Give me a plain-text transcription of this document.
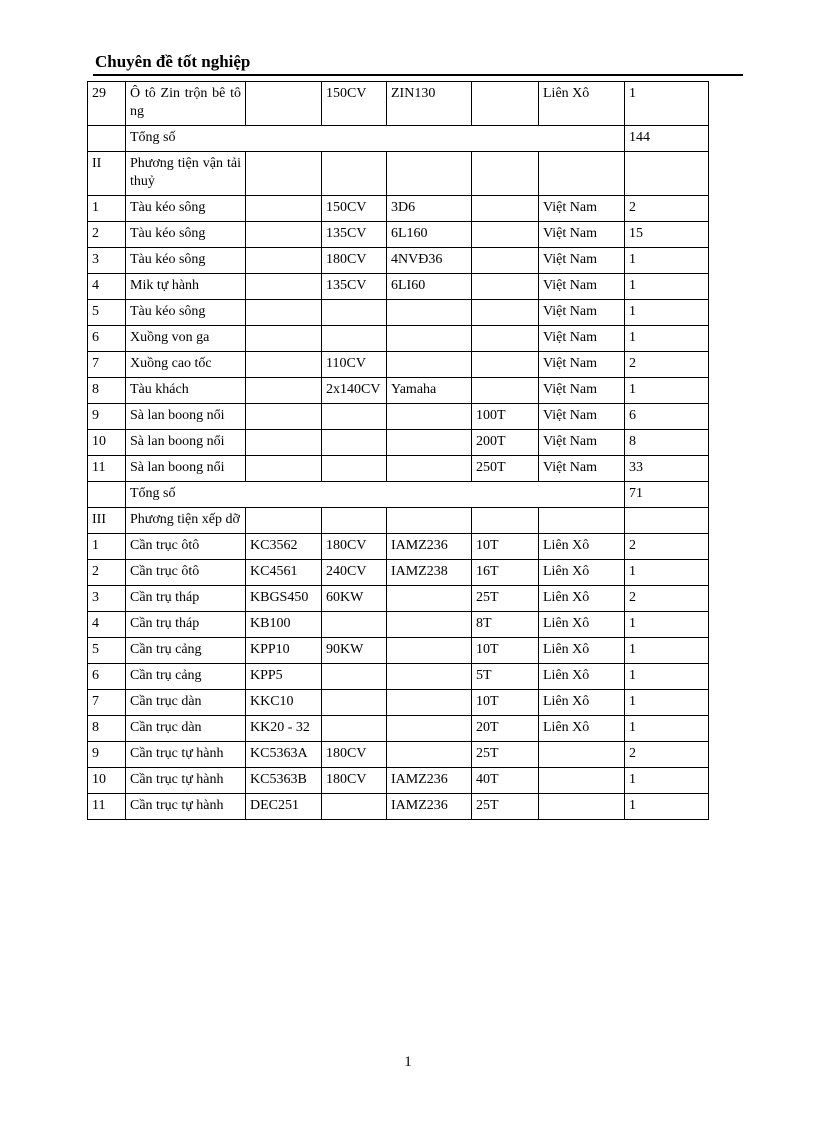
Chuyên đề tốt nghiệp
29	Ô tô Zin trộn bê tông		150CV	ZIN130		Liên Xô	1
	Tổng số						144
II	Phương tiện vận tải thuỷ						
1	Tàu kéo sông		150CV	3D6		Việt Nam	2
2	Tàu kéo sông		135CV	6L160		Việt Nam	15
3	Tàu kéo sông		180CV	4NVĐ36		Việt Nam	1
4	Mik tự hành		135CV	6LI60		Việt Nam	1
5	Tàu kéo sông					Việt Nam	1
6	Xuồng von ga					Việt Nam	1
7	Xuồng cao tốc		110CV			Việt Nam	2
8	Tàu khách		2x140CV	Yamaha		Việt Nam	1
9	Sà lan boong nổi				100T	Việt Nam	6
10	Sà lan boong nổi				200T	Việt Nam	8
11	Sà lan boong nổi				250T	Việt Nam	33
	Tổng số						71
III	Phương tiện xếp dỡ						
1	Cần trục ôtô	KC3562	180CV	IAMZ236	10T	Liên Xô	2
2	Cần trục ôtô	KC4561	240CV	IAMZ238	16T	Liên Xô	1
3	Cần trụ tháp	KBGS450	60KW		25T	Liên Xô	2
4	Cần trụ tháp	KB100			8T	Liên Xô	1
5	Cần trụ cảng	KPP10	90KW		10T	Liên Xô	1
6	Cần trụ cảng	KPP5			5T	Liên Xô	1
7	Cần trục dàn	KKC10			10T	Liên Xô	1
8	Cần trục dàn	KK20 - 32			20T	Liên Xô	1
9	Cần trục tự hành	KC5363A	180CV		25T		2
10	Cần trục tự hành	KC5363B	180CV	IAMZ236	40T		1
11	Cần trục tự hành	DEC251		IAMZ236	25T		1
1
